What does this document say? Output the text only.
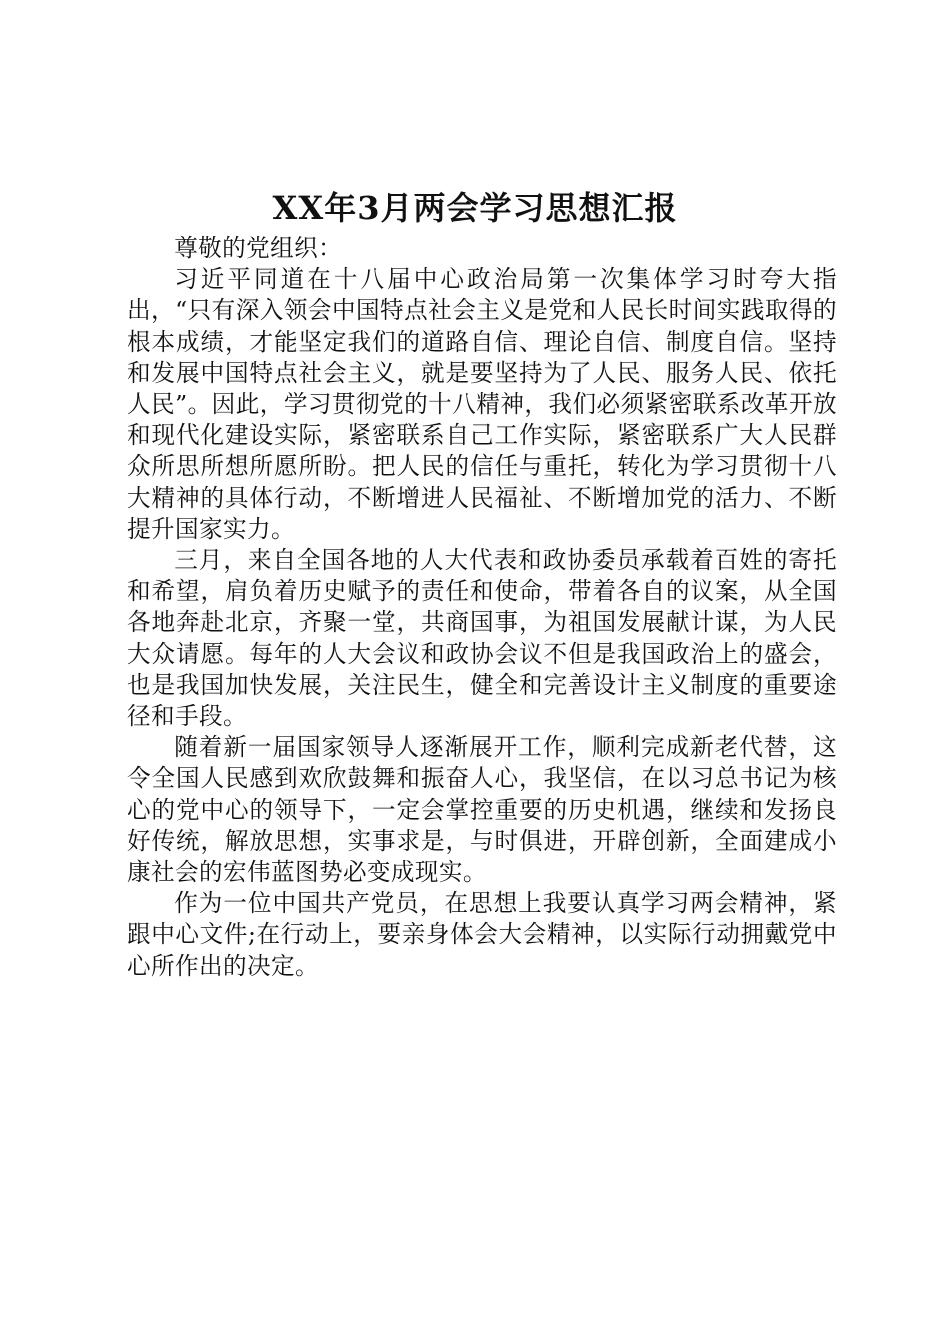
XX年3月两会学习思想汇报

尊敬的党组织：

习近平同道在十八届中心政治局第一次集体学习时夸大指出，“只有深入领会中国特点社会主义是党和人民长时间实践取得的根本成绩，才能坚定我们的道路自信、理论自信、制度自信。坚持和发展中国特点社会主义，就是要坚持为了人民、服务人民、依托人民”。因此，学习贯彻党的十八精神，我们必须紧密联系改革开放和现代化建设实际，紧密联系自己工作实际，紧密联系广大人民群众所思所想所愿所盼。把人民的信任与重托，转化为学习贯彻十八大精神的具体行动，不断增进人民福祉、不断增加党的活力、不断提升国家实力。

三月，来自全国各地的人大代表和政协委员承载着百姓的寄托和希望，肩负着历史赋予的责任和使命，带着各自的议案，从全国各地奔赴北京，齐聚一堂，共商国事，为祖国发展献计谋，为人民大众请愿。每年的人大会议和政协会议不但是我国政治上的盛会，也是我国加快发展，关注民生，健全和完善设计主义制度的重要途径和手段。

随着新一届国家领导人逐渐展开工作，顺利完成新老代替，这令全国人民感到欢欣鼓舞和振奋人心，我坚信，在以习总书记为核心的党中心的领导下，一定会掌控重要的历史机遇，继续和发扬良好传统，解放思想，实事求是，与时俱进，开辟创新，全面建成小康社会的宏伟蓝图势必变成现实。

作为一位中国共产党员，在思想上我要认真学习两会精神，紧跟中心文件;在行动上，要亲身体会大会精神，以实际行动拥戴党中心所作出的决定。
